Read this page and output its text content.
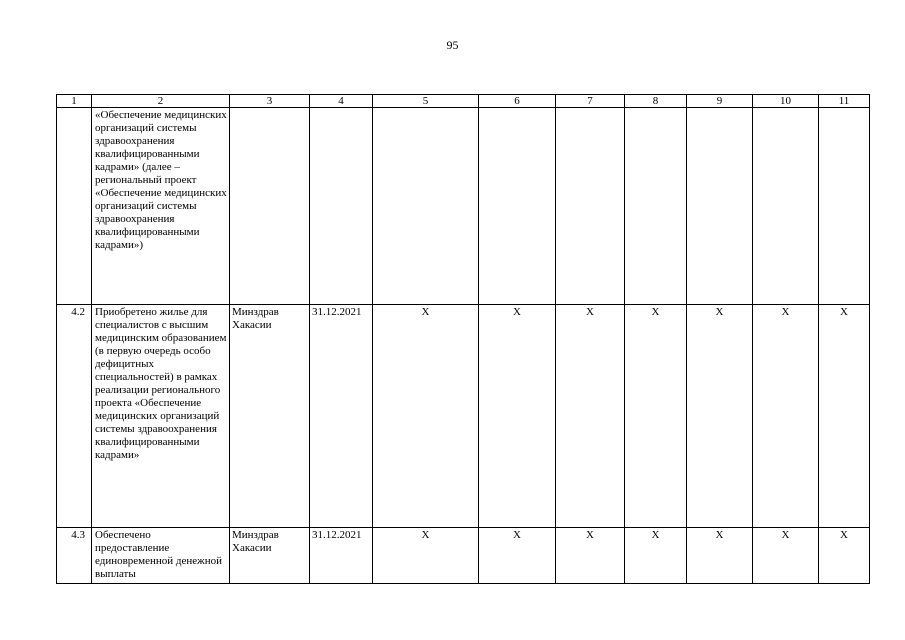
95
1	2	3	4	5	6	7	8	9	10	11
	«Обеспечение медицинских организаций системы здравоохранения квалифицированными кадрами» (далее – региональный проект «Обеспечение медицинских организаций системы здравоохранения квалифицированными кадрами»)									
4.2	Приобретено жилье для специалистов с высшим медицинским образованием (в первую очередь особо дефицитных специальностей) в рамках реализации регионального проекта «Обеспечение медицинских организаций системы здравоохранения квалифицированными кадрами»	Минздрав Хакасии	31.12.2021	Х	Х	Х	Х	Х	Х	Х
4.3	Обеспечено предоставление единовременной денежной выплаты	Минздрав Хакасии	31.12.2021	Х	Х	Х	Х	Х	Х	Х
